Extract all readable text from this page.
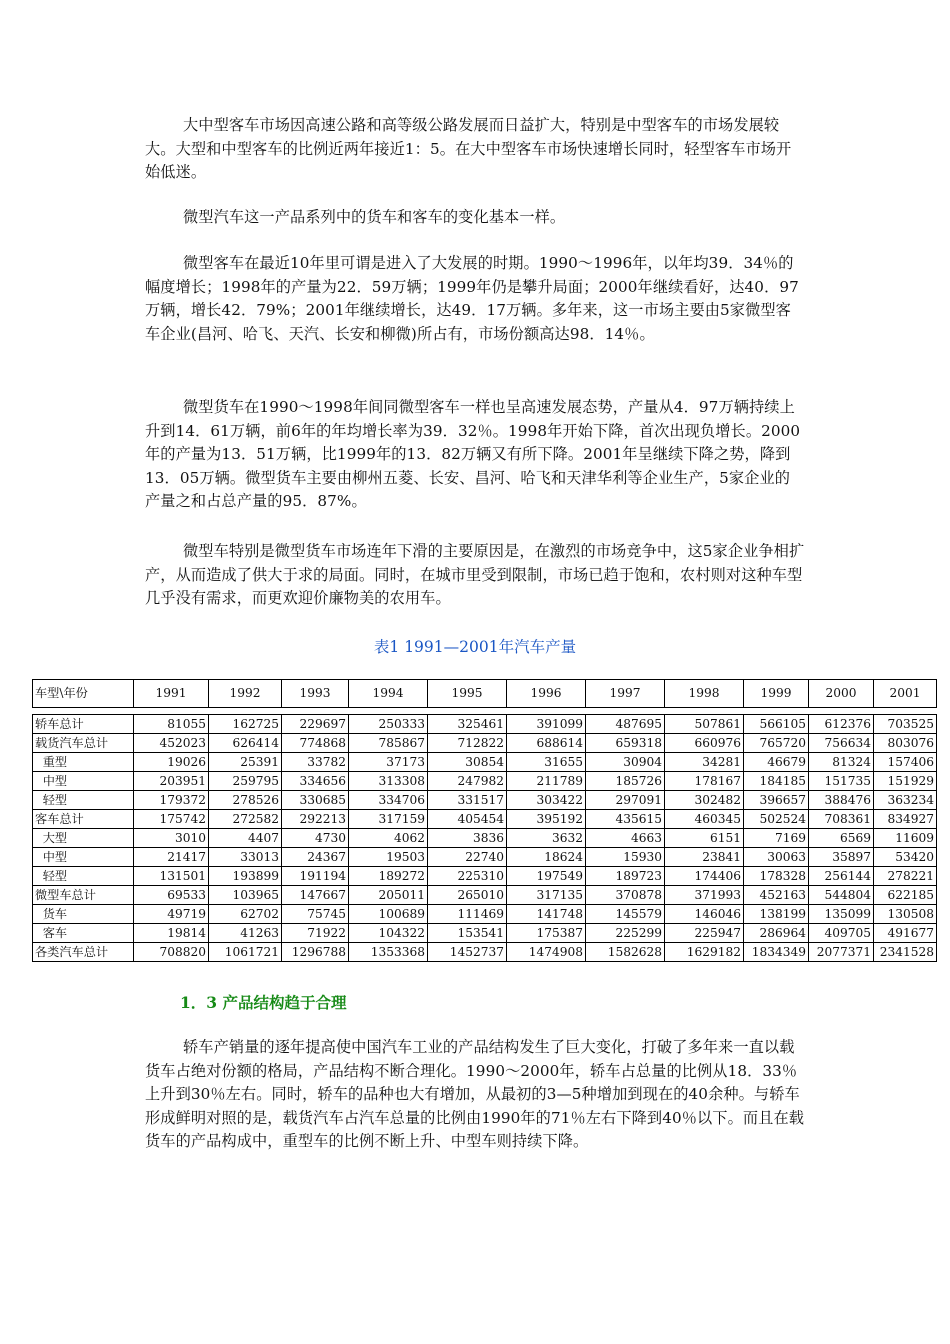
大中型客车市场因高速公路和高等级公路发展而日益扩大，特别是中型客车的市场发展较大。大型和中型客车的比例近两年接近1：5。在大中型客车市场快速增长同时，轻型客车市场开始低迷。

微型汽车这一产品系列中的货车和客车的变化基本一样。

微型客车在最近10年里可谓是进入了大发展的时期。1990～1996年，以年均39．34％的幅度增长；1998年的产量为22．59万辆；1999年仍是攀升局面；2000年继续看好，达40．97万辆，增长42．79%；2001年继续增长，达49．17万辆。多年来，这一市场主要由5家微型客车企业(昌河、哈飞、天汽、长安和柳微)所占有，市场份额高达98．14％。

微型货车在1990～1998年间同微型客车一样也呈高速发展态势，产量从4．97万辆持续上升到14．61万辆，前6年的年均增长率为39．32％。1998年开始下降，首次出现负增长。2000年的产量为13．51万辆，比1999年的13．82万辆又有所下降。2001年呈继续下降之势，降到13．05万辆。微型货车主要由柳州五菱、长安、昌河、哈飞和天津华利等企业生产，5家企业的产量之和占总产量的95．87%。

微型车特别是微型货车市场连年下滑的主要原因是，在激烈的市场竞争中，这5家企业争相扩产，从而造成了供大于求的局面。同时，在城市里受到限制，市场已趋于饱和，农村则对这种车型几乎没有需求，而更欢迎价廉物美的农用车。

表1 1991—2001年汽车产量
车型\年份	1991	1992	1993	1994	1995	1996	1997	1998	1999	2000	2001

轿车总计	81055	162725	229697	250333	325461	391099	487695	507861	566105	612376	703525
载货汽车总计	452023	626414	774868	785867	712822	688614	659318	660976	765720	756634	803076
重型	19026	25391	33782	37173	30854	31655	30904	34281	46679	81324	157406
中型	203951	259795	334656	313308	247982	211789	185726	178167	184185	151735	151929
轻型	179372	278526	330685	334706	331517	303422	297091	302482	396657	388476	363234
客车总计	175742	272582	292213	317159	405454	395192	435615	460345	502524	708361	834927
大型	3010	4407	4730	4062	3836	3632	4663	6151	7169	6569	11609
中型	21417	33013	24367	19503	22740	18624	15930	23841	30063	35897	53420
轻型	131501	193899	191194	189272	225310	197549	189723	174406	178328	256144	278221
微型车总计	69533	103965	147667	205011	265010	317135	370878	371993	452163	544804	622185
货车	49719	62702	75745	100689	111469	141748	145579	146046	138199	135099	130508
客车	19814	41263	71922	104322	153541	175387	225299	225947	286964	409705	491677
各类汽车总计	708820	1061721	1296788	1353368	1452737	1474908	1582628	1629182	1834349	2077371	2341528
1．3 产品结构趋于合理

轿车产销量的逐年提高使中国汽车工业的产品结构发生了巨大变化，打破了多年来一直以载货车占绝对份额的格局，产品结构不断合理化。1990～2000年，轿车占总量的比例从18．33％上升到30％左右。同时，轿车的品种也大有增加，从最初的3—5种增加到现在的40余种。与轿车形成鲜明对照的是，载货汽车占汽车总量的比例由1990年的71％左右下降到40％以下。而且在载货车的产品构成中，重型车的比例不断上升、中型车则持续下降。
